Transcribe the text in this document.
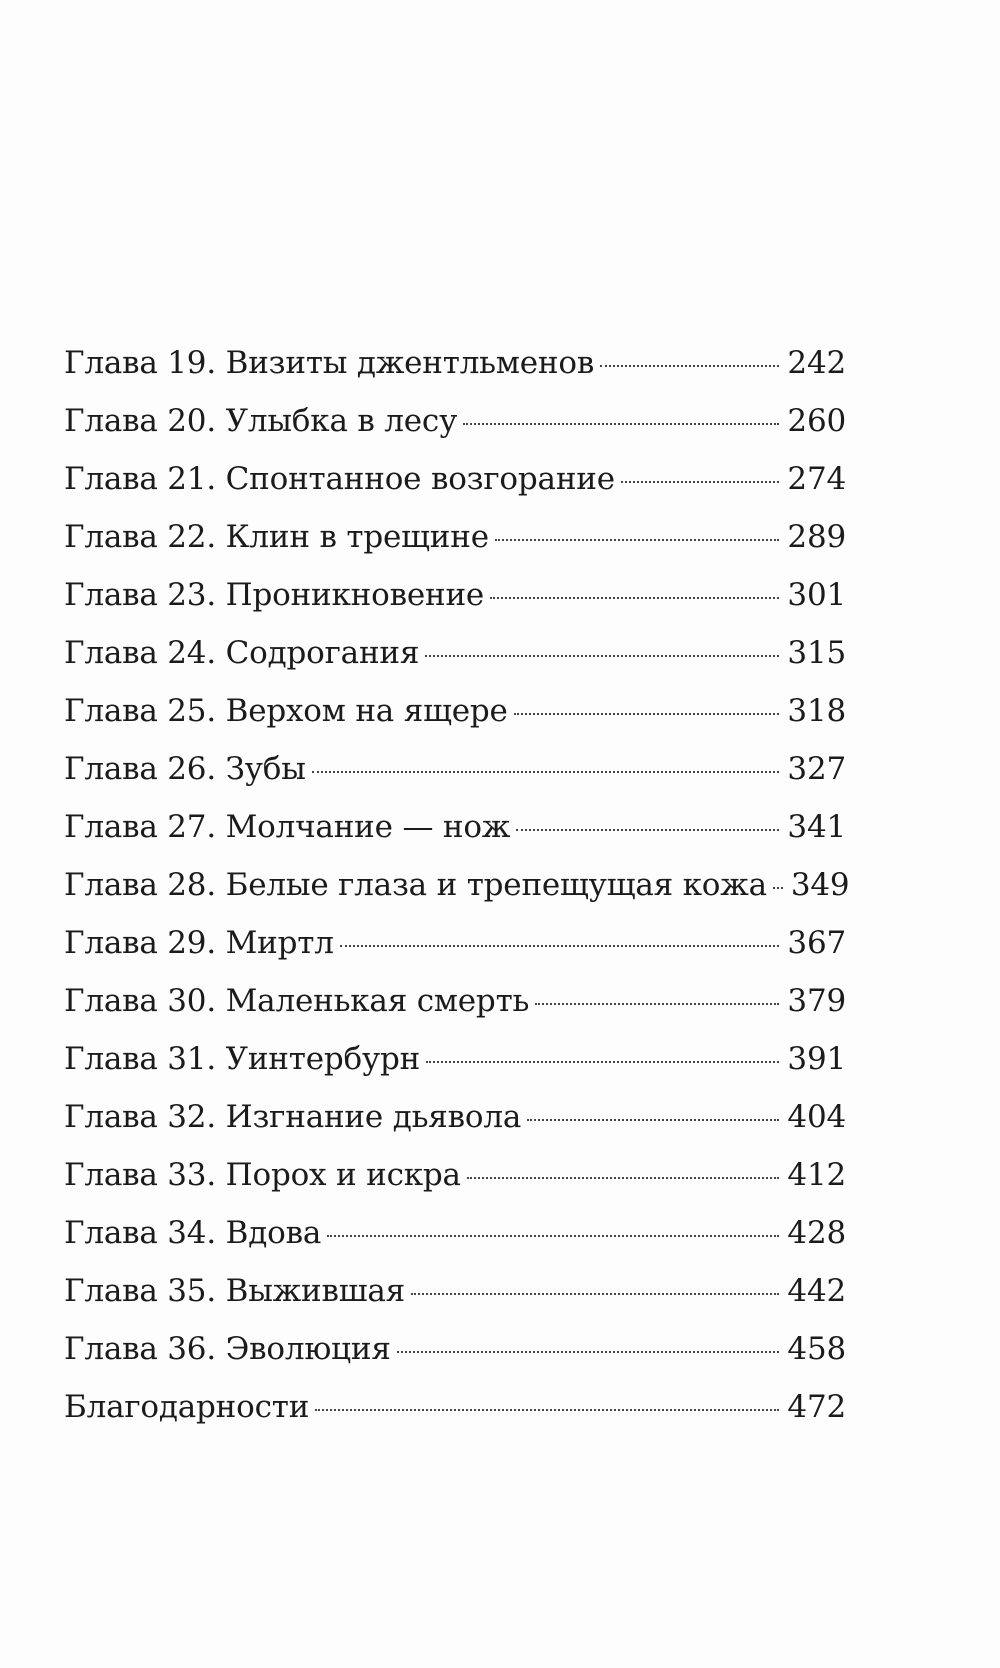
Глава 19. Визиты джентльменов	242
Глава 20. Улыбка в лесу	260
Глава 21. Спонтанное возгорание	274
Глава 22. Клин в трещине	289
Глава 23. Проникновение	301
Глава 24. Содрогания	315
Глава 25. Верхом на ящере	318
Глава 26. Зубы	327
Глава 27. Молчание — нож	341
Глава 28. Белые глаза и трепещущая кожа 349
Глава 29. Миртл	367
Глава 30. Маленькая смерть	379
Глава 31. Уинтербурн	391
Глава 32. Изгнание дьявола	404
Глава 33. Порох и искра	412
Глава 34. Вдова	428
Глава 35. Выжившая	442
Глава 36. Эволюция	458
Благодарности	472
